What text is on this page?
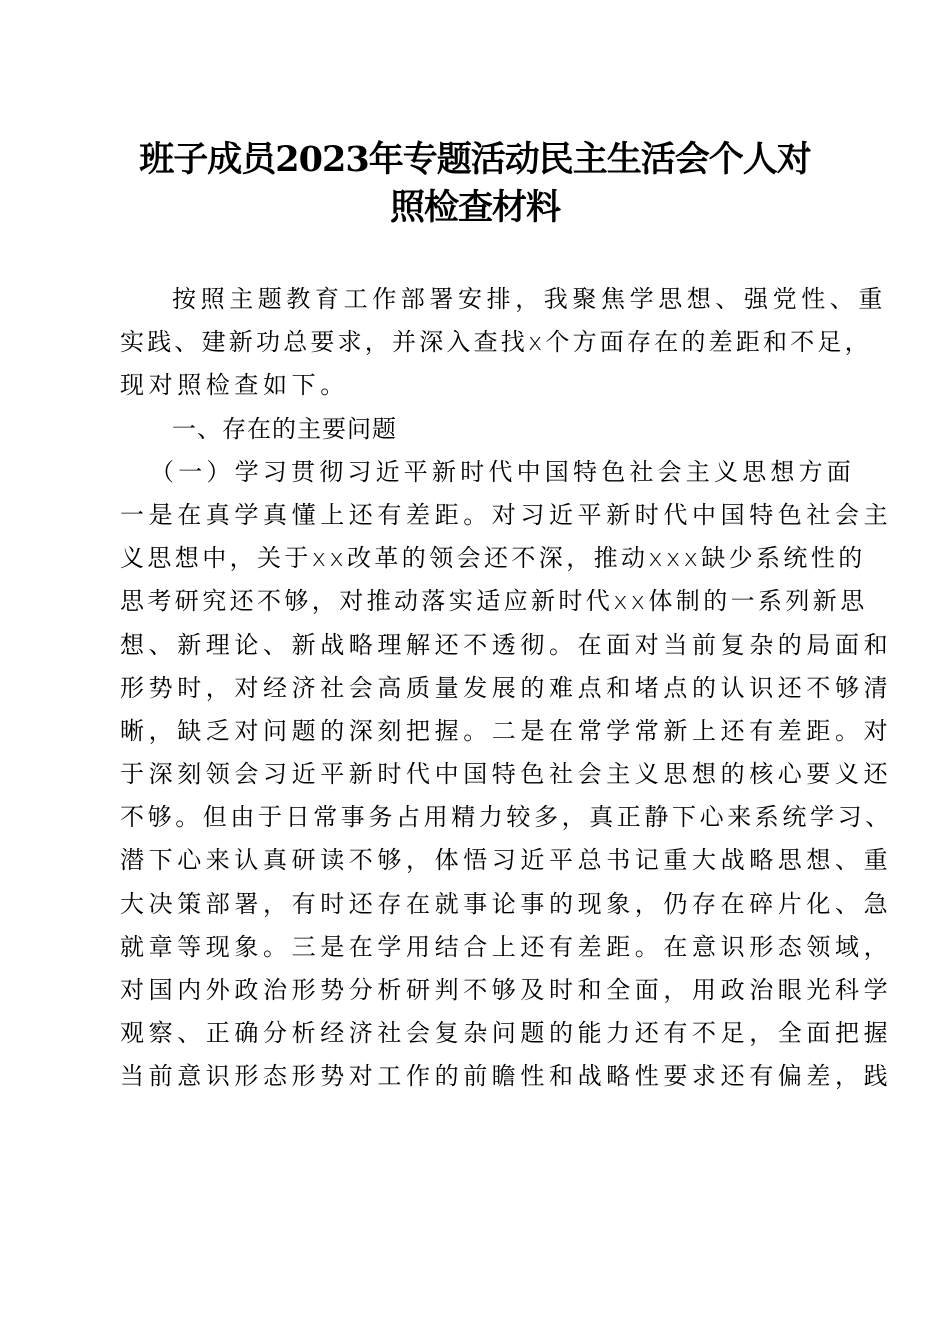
班子成员2023年专题活动民主生活会个人对
照检查材料
按照主题教育工作部署安排，我聚焦学思想、强党性、重
实践、建新功总要求，并深入查找x个方面存在的差距和不足，
现对照检查如下。
一、存在的主要问题
（一）学习贯彻习近平新时代中国特色社会主义思想方面
一是在真学真懂上还有差距。对习近平新时代中国特色社会主
义思想中，关于xx改革的领会还不深，推动xxx缺少系统性的
思考研究还不够，对推动落实适应新时代xx体制的一系列新思
想、新理论、新战略理解还不透彻。在面对当前复杂的局面和
形势时，对经济社会高质量发展的难点和堵点的认识还不够清
晰，缺乏对问题的深刻把握。二是在常学常新上还有差距。对
于深刻领会习近平新时代中国特色社会主义思想的核心要义还
不够。但由于日常事务占用精力较多，真正静下心来系统学习、
潜下心来认真研读不够，体悟习近平总书记重大战略思想、重
大决策部署，有时还存在就事论事的现象，仍存在碎片化、急
就章等现象。三是在学用结合上还有差距。在意识形态领域，
对国内外政治形势分析研判不够及时和全面，用政治眼光科学
观察、正确分析经济社会复杂问题的能力还有不足，全面把握
当前意识形态形势对工作的前瞻性和战略性要求还有偏差，践
